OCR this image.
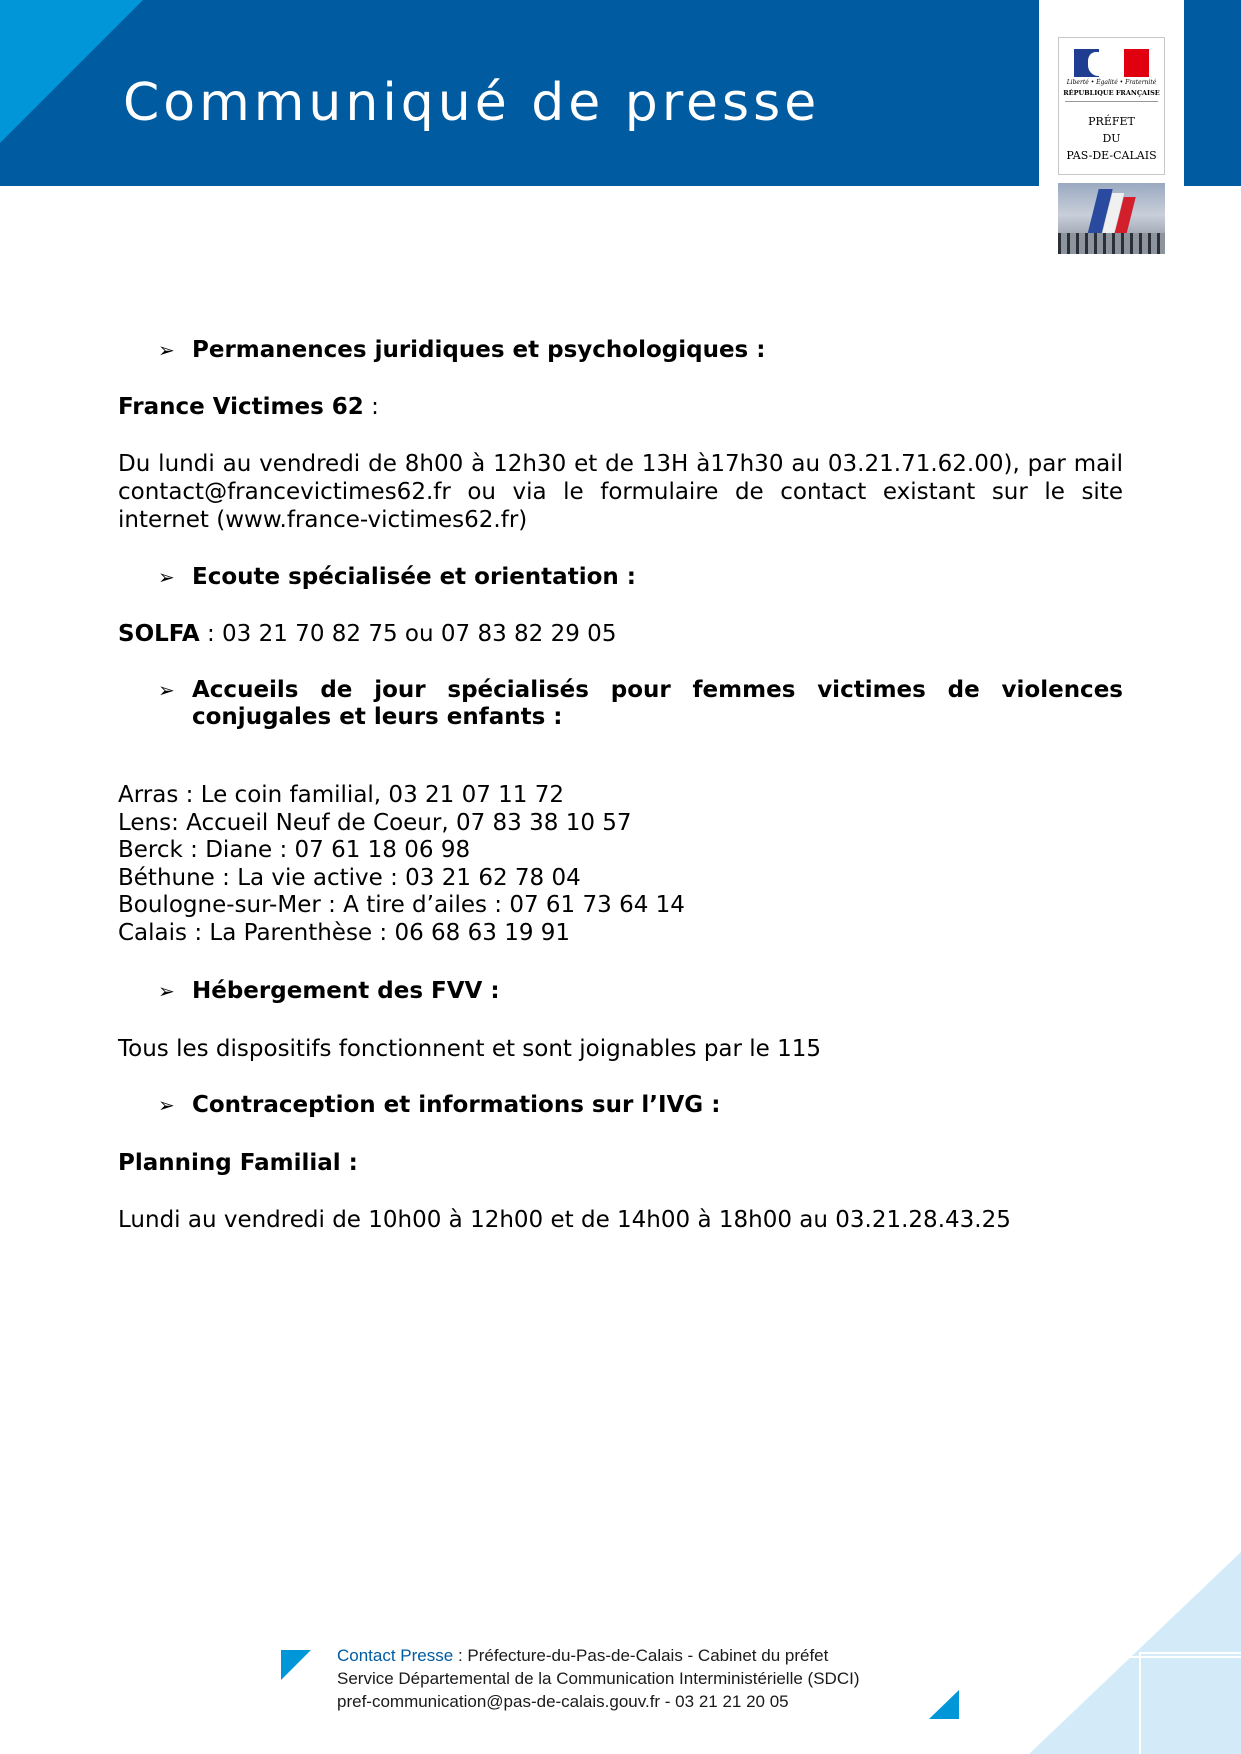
Communiqué de presse	Liberté • Égalité • Fraternité
RÉPUBLIQUE FRANÇAISE
PRÉFET
DU
PAS-DE-CALAIS
➢ Permanences juridiques et psychologiques :

France Victimes 62 :

Du lundi au vendredi de 8h00 à 12h30 et de 13H à17h30 au 03.21.71.62.00), par mail contact@francevictimes62.fr ou via le formulaire de contact existant sur le site internet (www.france-victimes62.fr)

➢ Ecoute spécialisée et orientation :

SOLFA : 03 21 70 82 75 ou 07 83 82 29 05

➢ Accueils de jour spécialisés pour femmes victimes de violences conjugales et leurs enfants :
Arras : Le coin familial, 03 21 07 11 72
Lens: Accueil Neuf de Coeur, 07 83 38 10 57
Berck : Diane : 07 61 18 06 98
Béthune : La vie active : 03 21 62 78 04
Boulogne-sur-Mer : A tire d’ailes : 07 61 73 64 14
Calais : La Parenthèse : 06 68 63 19 91
➢ Hébergement des FVV :

Tous les dispositifs fonctionnent et sont joignables par le 115

➢ Contraception et informations sur l’IVG :

Planning Familial :

Lundi au vendredi de 10h00 à 12h00 et de 14h00 à 18h00 au 03.21.28.43.25

Contact Presse : Préfecture-du-Pas-de-Calais - Cabinet du préfet
Service Départemental de la Communication Interministérielle (SDCI)
pref-communication@pas-de-calais.gouv.fr - 03 21 21 20 05
